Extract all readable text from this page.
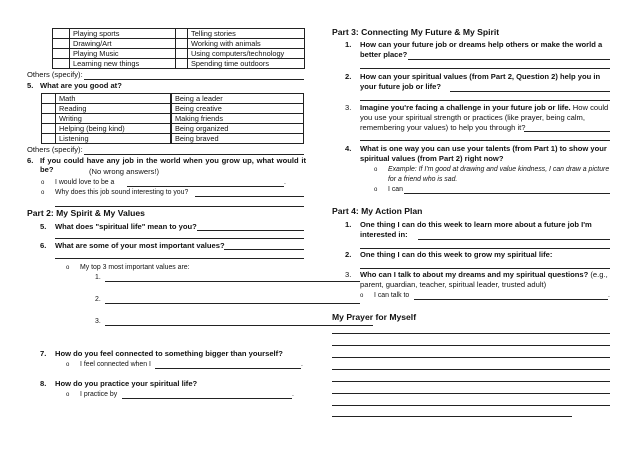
	Playing sports		Telling stories
	Drawing/Art		Working with animals
	Playing Music		Using computers/technology
	Learning new things		Spending time outdoors
Others (specify):
5. What are you good at?
	Math		Being a leader
	Reading		Being creative
	Writing		Making friends
	Helping (being kind)		Being organized
	Listening		Being braved
Others (specify):
6. If you could have any job in the world when you grow up, what would it be?	(No wrong answers!)
o I would love to be a	.
o Why does this job sound interesting to you?
Part 2: My Spirit & My Values
5. What does "spiritual life" mean to you?
6. What are some of your most important values?
o My top 3 most important values are:
1.
2.
3.
7. How do you feel connected to something bigger than yourself?
o I feel connected when I	.
8. How do you practice your spiritual life?
o I practice by	.
Part 3: Connecting My Future & My Spirit
1. How can your future job or dreams help others or make the world a
better place?
2. How can your spiritual values (from Part 2, Question 2) help you in
your future job or life?
3. Imagine you're facing a challenge in your future job or life. How could
you use your spiritual strength or practices (like prayer, being calm,
remembering your values) to help you through it?
4. What is one way you can use your talents (from Part 1) to show your
spiritual values (from Part 2) right now?
o Example: If I'm good at drawing and value kindness, I can draw a picture
for a friend who is sad.
o I can
Part 4: My Action Plan
1. One thing I can do this week to learn more about a future job I'm
interested in:
2. One thing I can do this week to grow my spiritual life:
3. Who can I talk to about my dreams and my spiritual questions? (e.g.,
parent, guardian, teacher, spiritual leader, trusted adult)
o I can talk to	.
My Prayer for Myself
